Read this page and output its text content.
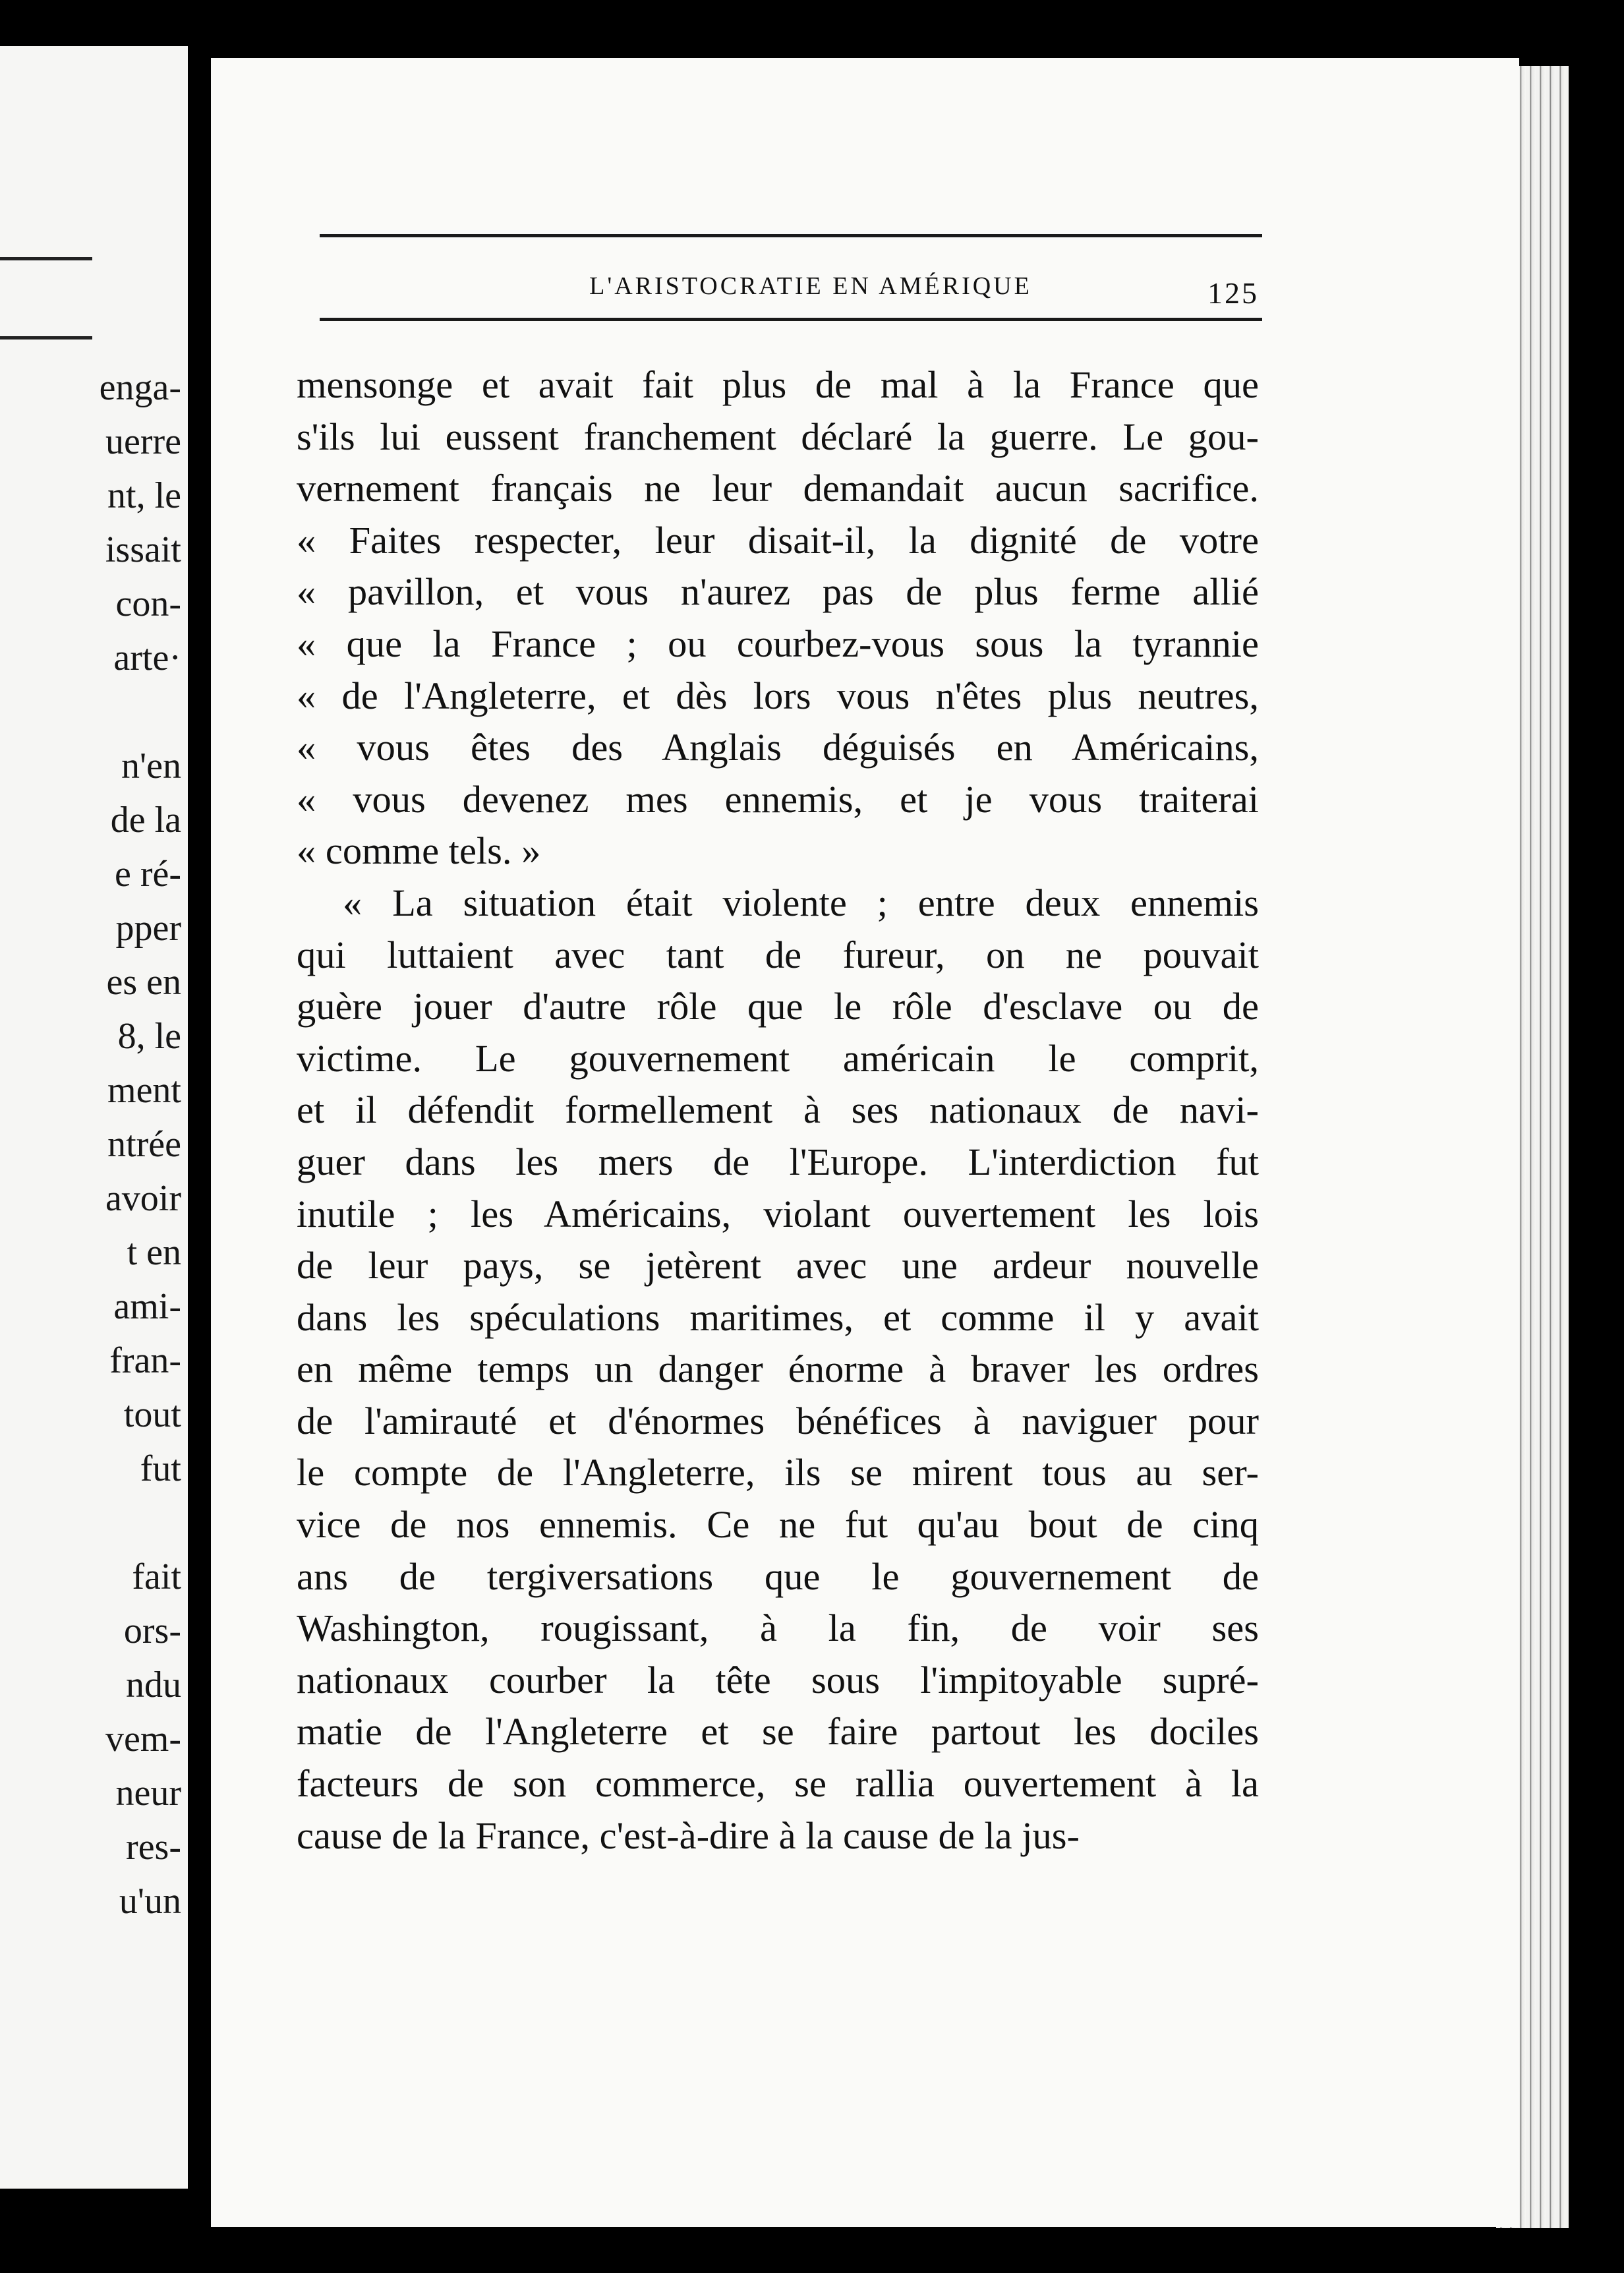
enga-
uerre
nt, le
issait
con-
arte·
n'en
de la
e ré-
pper
es en
8, le
ment
ntrée
avoir
t en
ami-
fran-
tout
fut
fait
ors-
ndu
vem-
neur
res-
u'un
L'ARISTOCRATIE EN AMÉRIQUE	125
mensonge et avait fait plus de mal à la France que
s'ils lui eussent franchement déclaré la guerre. Le gou-
vernement français ne leur demandait aucun sacrifice.
« Faites respecter, leur disait-il, la dignité de votre
« pavillon, et vous n'aurez pas de plus ferme allié
« que la France ; ou courbez-vous sous la tyrannie
« de l'Angleterre, et dès lors vous n'êtes plus neutres,
« vous êtes des Anglais déguisés en Américains,
« vous devenez mes ennemis, et je vous traiterai
« comme tels. »
« La situation était violente ; entre deux ennemis
qui luttaient avec tant de fureur, on ne pouvait
guère jouer d'autre rôle que le rôle d'esclave ou de
victime. Le gouvernement américain le comprit,
et il défendit formellement à ses nationaux de navi-
guer dans les mers de l'Europe. L'interdiction fut
inutile ; les Américains, violant ouvertement les lois
de leur pays, se jetèrent avec une ardeur nouvelle
dans les spéculations maritimes, et comme il y avait
en même temps un danger énorme à braver les ordres
de l'amirauté et d'énormes bénéfices à naviguer pour
le compte de l'Angleterre, ils se mirent tous au ser-
vice de nos ennemis. Ce ne fut qu'au bout de cinq
ans de tergiversations que le gouvernement de
Washington, rougissant, à la fin, de voir ses
nationaux courber la tête sous l'impitoyable supré-
matie de l'Angleterre et se faire partout les dociles
facteurs de son commerce, se rallia ouvertement à la
cause de la France, c'est-à-dire à la cause de la jus-
